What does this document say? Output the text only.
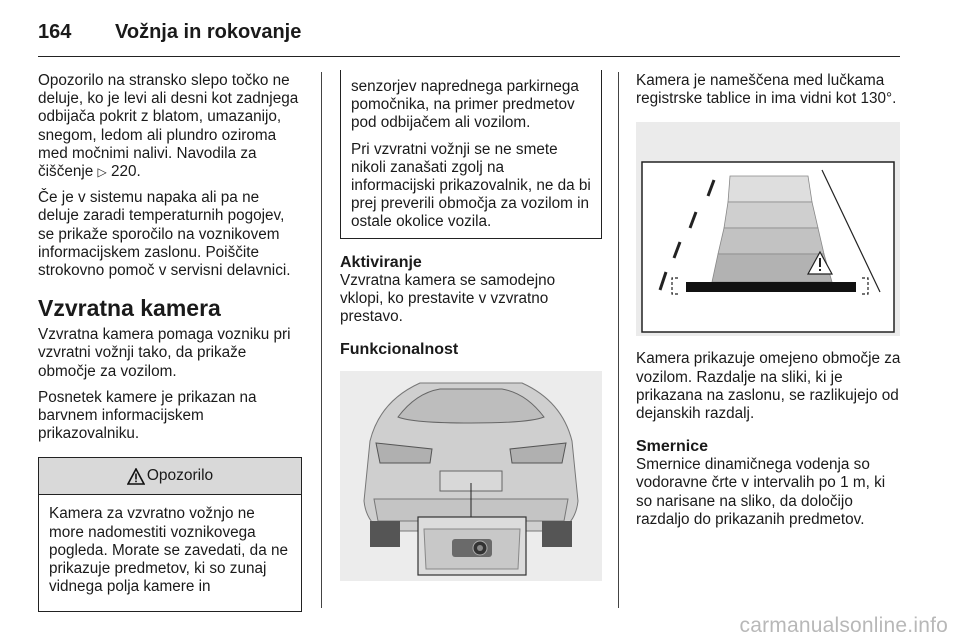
164 Vožnja in rokovanje

Opozorilo na stransko slepo točko ne deluje, ko je levi ali desni kot zadnjega odbijača pokrit z blatom, umazanijo, snegom, ledom ali plundro oziroma med močnimi nalivi. Navodila za čiščenje ▷ 220.

Če je v sistemu napaka ali pa ne deluje zaradi temperaturnih pogojev, se prikaže sporočilo na voznikovem informacijskem zaslonu. Poiščite strokovno pomoč v servisni delavnici.

Vzvratna kamera

Vzvratna kamera pomaga vozniku pri vzvratni vožnji tako, da prikaže območje za vozilom.

Posnetek kamere je prikazan na barvnem informacijskem prikazovalniku.

Opozorilo

Kamera za vzvratno vožnjo ne more nadomestiti voznikovega pogleda. Morate se zavedati, da ne prikazuje predmetov, ki so zunaj vidnega polja kamere in

senzorjev naprednega parkirnega pomočnika, na primer predmetov pod odbijačem ali vozilom.

Pri vzvratni vožnji se ne smete nikoli zanašati zgolj na informacijski prikazovalnik, ne da bi prej preverili območja za vozilom in ostale okolice vozila.

Aktiviranje

Vzvratna kamera se samodejno vklopi, ko prestavite v vzvratno prestavo.

Funkcionalnost

Kamera je nameščena med lučkama registrske tablice in ima vidni kot 130°.

Kamera prikazuje omejeno območje za vozilom. Razdalje na sliki, ki je prikazana na zaslonu, se razlikujejo od dejanskih razdalj.

Smernice

Smernice dinamičnega vodenja so vodoravne črte v intervalih po 1 m, ki so narisane na sliko, da določijo razdaljo do prikazanih predmetov.

carmanualsonline.info
